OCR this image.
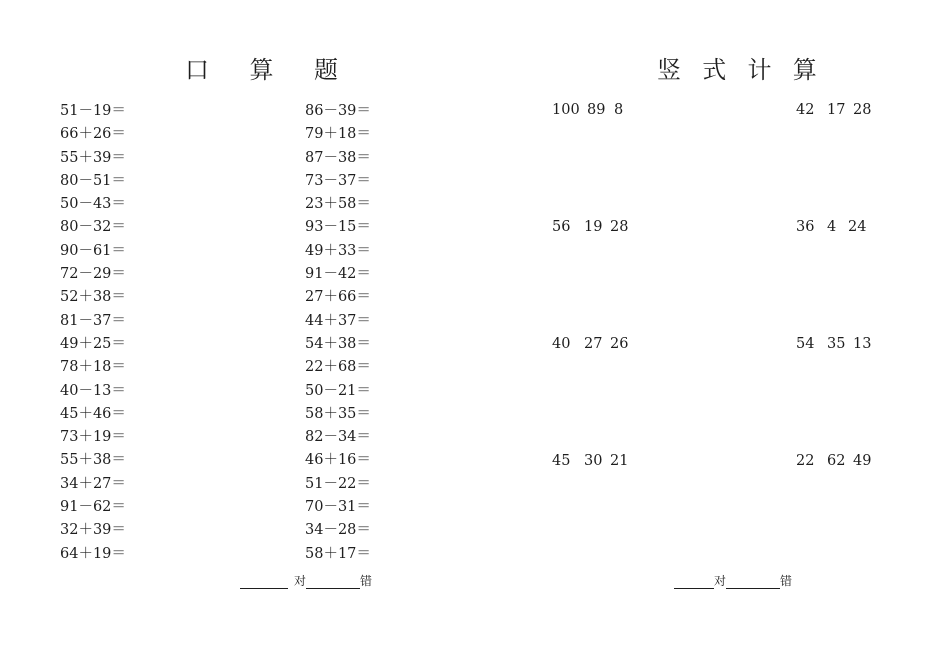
口    算    题	竖  式  计  算
51－19＝
66＋26＝
55＋39＝
80－51＝
50－43＝
80－32＝
90－61＝
72－29＝
52＋38＝
81－37＝
49＋25＝
78＋18＝
40－13＝
45＋46＝
73＋19＝
55＋38＝
34＋27＝
91－62＝
32＋39＝
64＋19＝
86－39＝
79＋18＝
87－38＝
73－37＝
23＋58＝
93－15＝
49＋33＝
91－42＝
27＋66＝
44＋37＝
54＋38＝
22＋68＝
50－21＝
58＋35＝
82－34＝
46＋16＝
51－22＝
70－31＝
34－28＝
58＋17＝
100 89 8
56 19 28
40 27 26
45 30 21
42 17 28
36 4 24
54 35 13
22 62 49
对	错	对	错
